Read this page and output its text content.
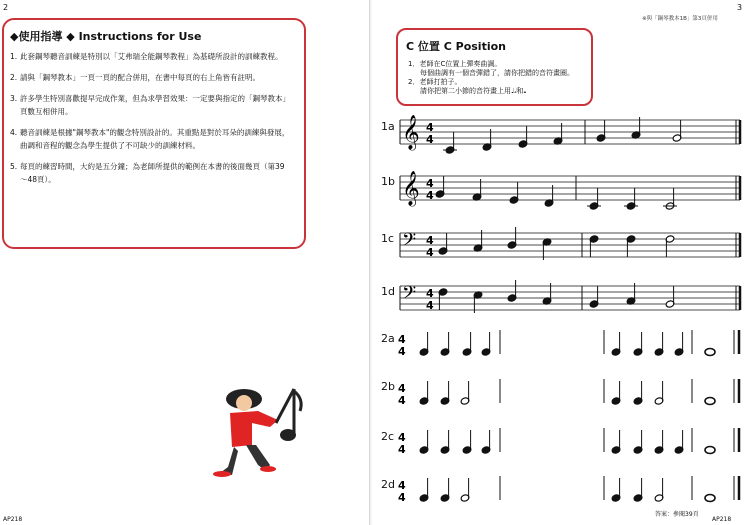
2
◆使用指導 ◆ Instructions for Use
1. 此套鋼琴聽音訓練是特別以「艾弗瑞全能鋼琴教程」為基礎所設計的訓練教程。
2. 請與「鋼琴教本」一頁一頁的配合併用，在書中每頁的右上角皆有註明。
3. 許多學生特別喜歡提早完成作業，但為求學習效果：一定要與指定的「鋼琴教本」頁數互相併用。
4. 聽音訓練是根據"鋼琴教本"的觀念特別設計的。其重點是對於耳朵的訓練與發展，曲調和音程的觀念為學生提供了不可缺少的訓練材料。
5. 每頁的練習時間，大約是五分鐘；為老師所提供的範例在本書的後面幾頁（第39～48頁）。
AP218
3
※與「鋼琴教本1B」第3頁併用
AP218
C 位置 C Position
1．老師在C位置上彈奏曲調。
每個曲調有一個音彈錯了，請你把錯的音符畫圈。
2．老師打拍子。
請你把第二小節的音符畫上用♩𝅗𝅥和𝅝
1a
1b
1c
1d
2a
2b
2c
2d
答案：參閱39頁
𝄞 4
4
𝄞 4
4
𝄢 4
4
𝄢 4
4
4
4
4
4
4
4
4
4
